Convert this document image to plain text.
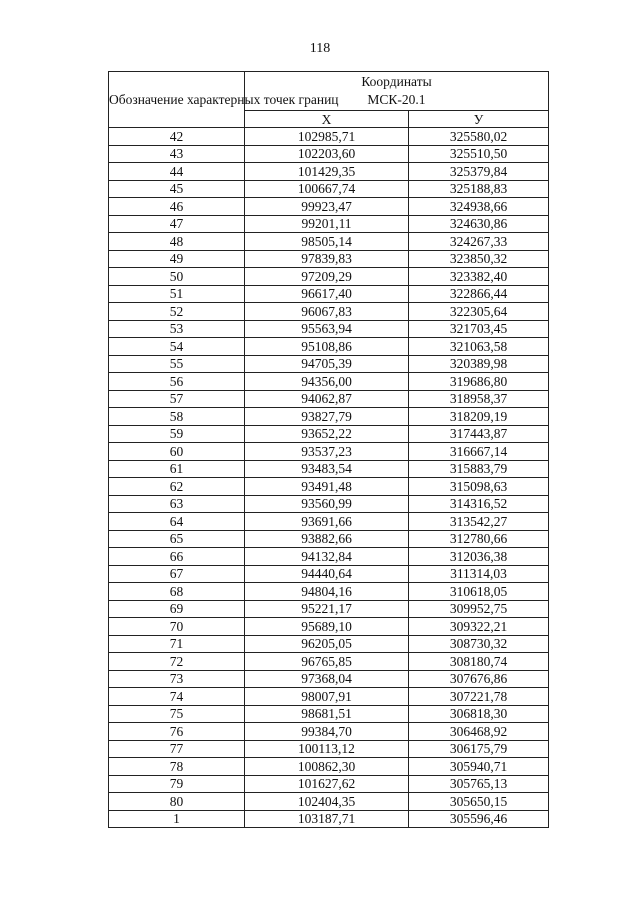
118
Обозначение характерных точек границ	Координаты
МСК-20.1	
	X	У
42	102985,71	325580,02
43	102203,60	325510,50
44	101429,35	325379,84
45	100667,74	325188,83
46	99923,47	324938,66
47	99201,11	324630,86
48	98505,14	324267,33
49	97839,83	323850,32
50	97209,29	323382,40
51	96617,40	322866,44
52	96067,83	322305,64
53	95563,94	321703,45
54	95108,86	321063,58
55	94705,39	320389,98
56	94356,00	319686,80
57	94062,87	318958,37
58	93827,79	318209,19
59	93652,22	317443,87
60	93537,23	316667,14
61	93483,54	315883,79
62	93491,48	315098,63
63	93560,99	314316,52
64	93691,66	313542,27
65	93882,66	312780,66
66	94132,84	312036,38
67	94440,64	311314,03
68	94804,16	310618,05
69	95221,17	309952,75
70	95689,10	309322,21
71	96205,05	308730,32
72	96765,85	308180,74
73	97368,04	307676,86
74	98007,91	307221,78
75	98681,51	306818,30
76	99384,70	306468,92
77	100113,12	306175,79
78	100862,30	305940,71
79	101627,62	305765,13
80	102404,35	305650,15
1	103187,71	305596,46
